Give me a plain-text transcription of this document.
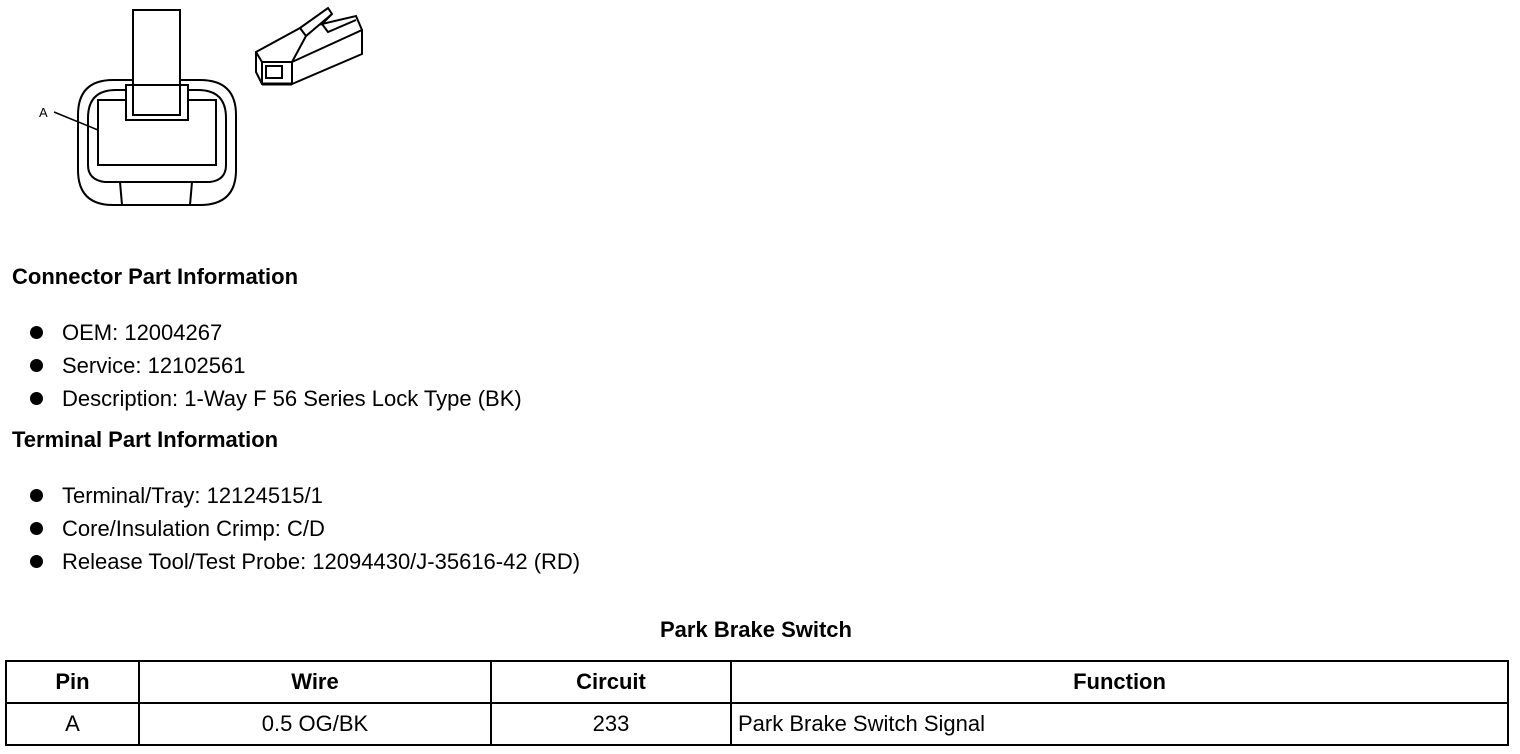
A
Connector Part Information
OEM: 12004267
Service: 12102561
Description: 1-Way F 56 Series Lock Type (BK)
Terminal Part Information
Terminal/Tray: 12124515/1
Core/Insulation Crimp: C/D
Release Tool/Test Probe: 12094430/J-35616-42 (RD)
Park Brake Switch
Pin	Wire	Circuit	Function
A	0.5 OG/BK	233	Park Brake Switch Signal
